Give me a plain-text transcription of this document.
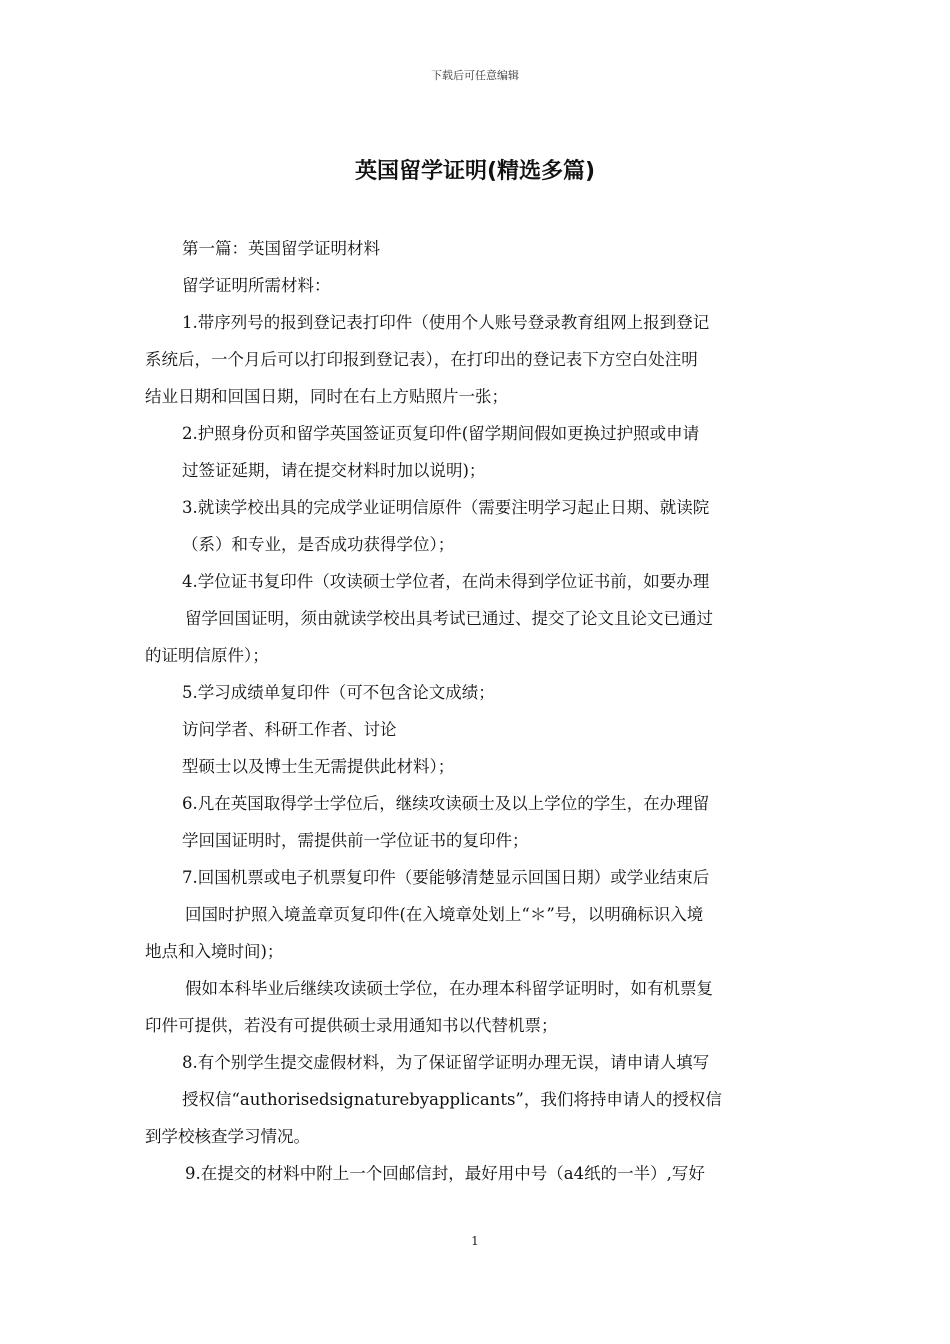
下载后可任意编辑
英国留学证明(精选多篇)
第一篇：英国留学证明材料
留学证明所需材料：
1.带序列号的报到登记表打印件（使用个人账号登录教育组网上报到登记
系统后，一个月后可以打印报到登记表），在打印出的登记表下方空白处注明
结业日期和回国日期，同时在右上方贴照片一张；
2.护照身份页和留学英国签证页复印件(留学期间假如更换过护照或申请
过签证延期，请在提交材料时加以说明)；
3.就读学校出具的完成学业证明信原件（需要注明学习起止日期、就读院
（系）和专业，是否成功获得学位）；
4.学位证书复印件（攻读硕士学位者，在尚未得到学位证书前，如要办理
留学回国证明，须由就读学校出具考试已通过、提交了论文且论文已通过
的证明信原件）；
5.学习成绩单复印件（可不包含论文成绩；
访问学者、科研工作者、讨论
型硕士以及博士生无需提供此材料）；
6.凡在英国取得学士学位后，继续攻读硕士及以上学位的学生，在办理留
学回国证明时，需提供前一学位证书的复印件；
7.回国机票或电子机票复印件（要能够清楚显示回国日期）或学业结束后
回国时护照入境盖章页复印件(在入境章处划上“＊”号，以明确标识入境
地点和入境时间)；
假如本科毕业后继续攻读硕士学位，在办理本科留学证明时，如有机票复
印件可提供，若没有可提供硕士录用通知书以代替机票；
8.有个别学生提交虚假材料，为了保证留学证明办理无误，请申请人填写
授权信“authorisedsignaturebyapplicants”，我们将持申请人的授权信
到学校核查学习情况。
9.在提交的材料中附上一个回邮信封，最好用中号（a4纸的一半）,写好
1
